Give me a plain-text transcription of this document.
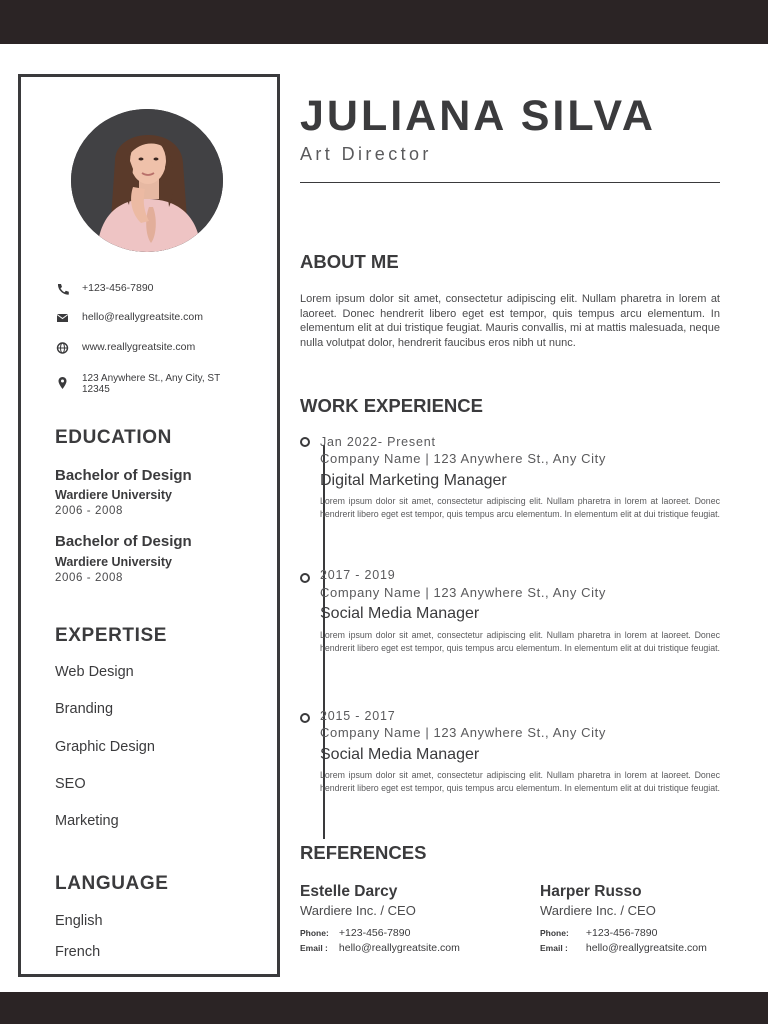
+123-456-7890
hello@reallygreatsite.com
www.reallygreatsite.com
123 Anywhere St., Any City, ST 12345
EDUCATION
Bachelor of Design
Wardiere University
2006 - 2008
Bachelor of Design
Wardiere University
2006 - 2008
EXPERTISE
Web Design
Branding
Graphic Design
SEO
Marketing
LANGUAGE
English
French
JULIANA SILVA
Art Director
ABOUT ME
Lorem ipsum dolor sit amet, consectetur adipiscing elit. Nullam pharetra in lorem at laoreet. Donec hendrerit libero eget est tempor, quis tempus arcu elementum. In elementum elit at dui tristique feugiat. Mauris convallis, mi at mattis malesuada, neque nulla volutpat dolor, hendrerit faucibus eros nibh ut nunc.
WORK EXPERIENCE
Jan 2022- Present
Company Name | 123 Anywhere St., Any City
Digital Marketing Manager
Lorem ipsum dolor sit amet, consectetur adipiscing elit. Nullam pharetra in lorem at laoreet. Donec hendrerit libero eget est tempor, quis tempus arcu elementum. In elementum elit at dui tristique feugiat.
2017 - 2019
Company Name | 123 Anywhere St., Any City
Social Media Manager
Lorem ipsum dolor sit amet, consectetur adipiscing elit. Nullam pharetra in lorem at laoreet. Donec hendrerit libero eget est tempor, quis tempus arcu elementum. In elementum elit at dui tristique feugiat.
2015 - 2017
Company Name | 123 Anywhere St., Any City
Social Media Manager
Lorem ipsum dolor sit amet, consectetur adipiscing elit. Nullam pharetra in lorem at laoreet. Donec hendrerit libero eget est tempor, quis tempus arcu elementum. In elementum elit at dui tristique feugiat.
REFERENCES
Estelle Darcy
Wardiere Inc. / CEO
Phone: +123-456-7890
Email : hello@reallygreatsite.com
Harper Russo
Wardiere Inc. / CEO
Phone: +123-456-7890
Email : hello@reallygreatsite.com
